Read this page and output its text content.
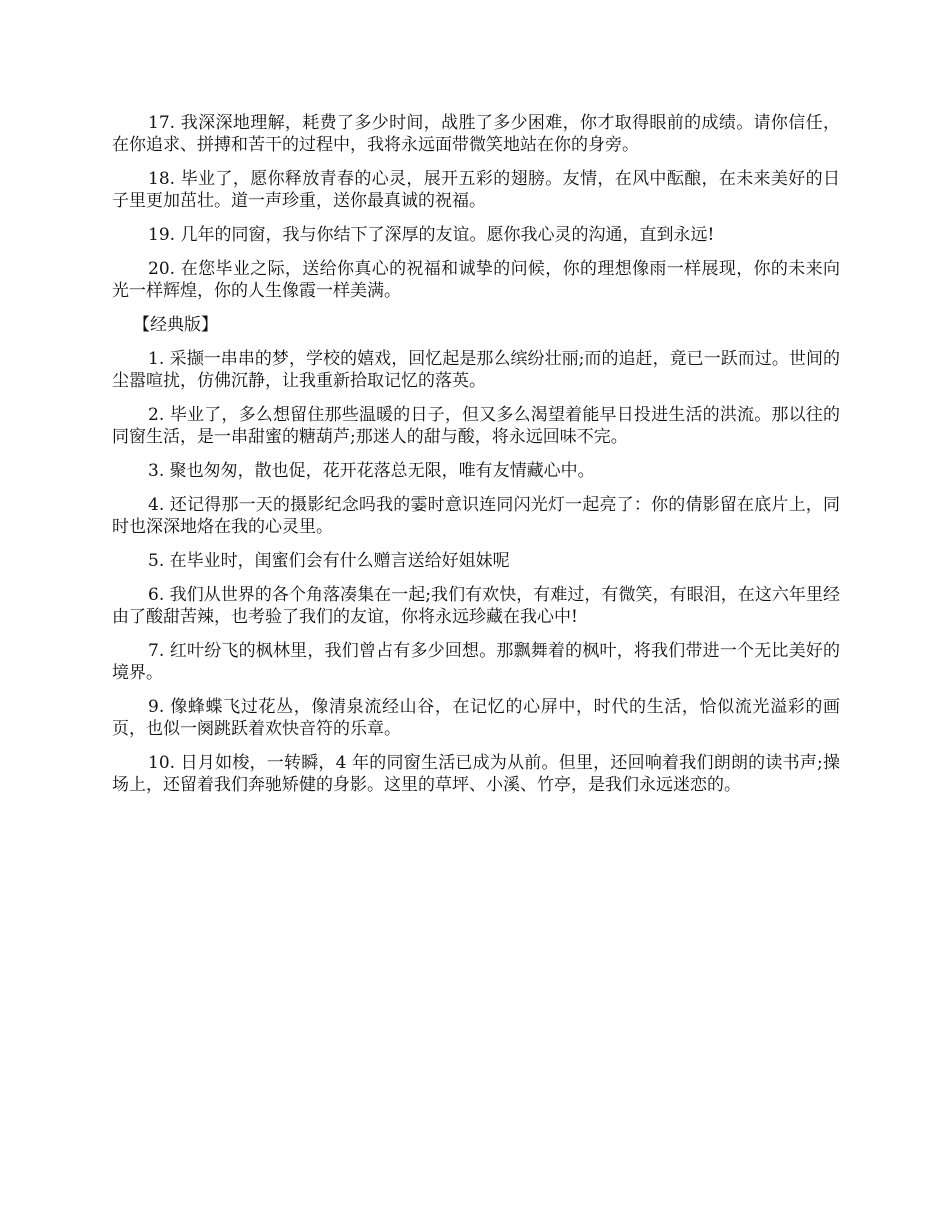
17. 我深深地理解，耗费了多少时间，战胜了多少困难，你才取得眼前的成绩。请你信任，在你追求、拼搏和苦干的过程中，我将永远面带微笑地站在你的身旁。

18. 毕业了，愿你释放青春的心灵，展开五彩的翅膀。友情，在风中酝酿，在未来美好的日子里更加茁壮。道一声珍重，送你最真诚的祝福。

19. 几年的同窗，我与你结下了深厚的友谊。愿你我心灵的沟通，直到永远!

20. 在您毕业之际，送给你真心的祝福和诚挚的问候，你的理想像雨一样展现，你的未来向光一样辉煌，你的人生像霞一样美满。

【经典版】

1. 采撷一串串的梦，学校的嬉戏，回忆起是那么缤纷壮丽;而的追赶，竟已一跃而过。世间的尘嚣喧扰，仿佛沉静，让我重新拾取记忆的落英。

2. 毕业了，多么想留住那些温暖的日子，但又多么渴望着能早日投进生活的洪流。那以往的同窗生活，是一串甜蜜的糖葫芦;那迷人的甜与酸，将永远回味不完。

3. 聚也匆匆，散也促，花开花落总无限，唯有友情藏心中。

4. 还记得那一天的摄影纪念吗我的霎时意识连同闪光灯一起亮了：你的倩影留在底片上，同时也深深地烙在我的心灵里。

5. 在毕业时，闺蜜们会有什么赠言送给好姐妹呢

6. 我们从世界的各个角落凑集在一起;我们有欢快，有难过，有微笑，有眼泪，在这六年里经由了酸甜苦辣，也考验了我们的友谊，你将永远珍藏在我心中!

7. 红叶纷飞的枫林里，我们曾占有多少回想。那飘舞着的枫叶，将我们带进一个无比美好的境界。

9. 像蜂蝶飞过花丛，像清泉流经山谷，在记忆的心屏中，时代的生活，恰似流光溢彩的画页，也似一阕跳跃着欢快音符的乐章。

10. 日月如梭，一转瞬，4 年的同窗生活已成为从前。但里，还回响着我们朗朗的读书声;操场上，还留着我们奔驰矫健的身影。这里的草坪、小溪、竹亭，是我们永远迷恋的。
